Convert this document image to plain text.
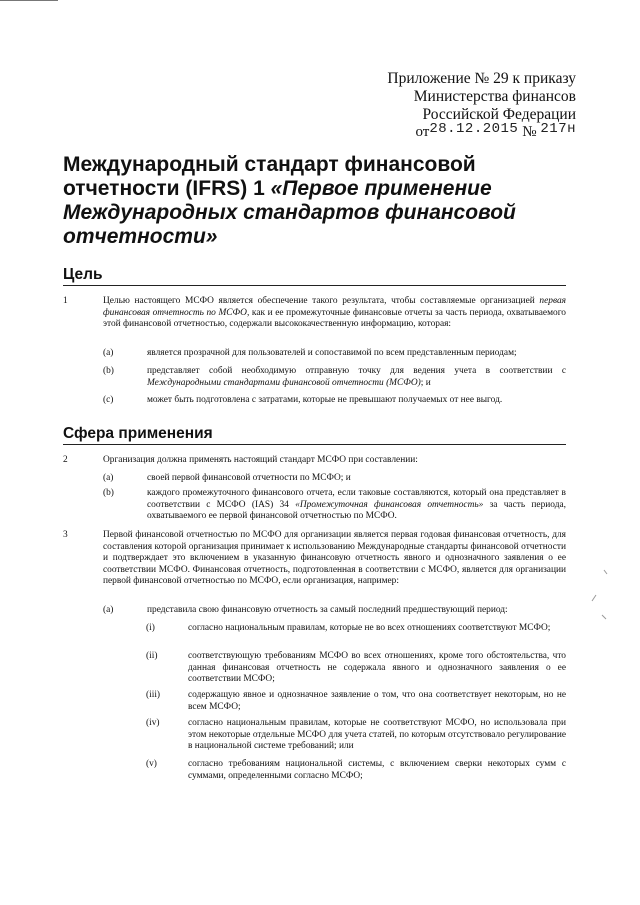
Приложение № 29 к приказу
Министерства финансов
Российской Федерации
от28.12.2015 № 217н
Международный стандарт финансовой отчетности (IFRS) 1 «Первое применение Международных стандартов финансовой отчетности»
Цель
1	Целью настоящего МСФО является обеспечение такого результата, чтобы составляемые организацией первая финансовая отчетность по МСФО, как и ее промежуточные финансовые отчеты за часть периода, охватываемого этой финансовой отчетностью, содержали высококачественную информацию, которая:
(a)	является прозрачной для пользователей и сопоставимой по всем представленным периодам;
(b)	представляет собой необходимую отправную точку для ведения учета в соответствии с Международными стандартами финансовой отчетности (МСФО); и
(c)	может быть подготовлена с затратами, которые не превышают получаемых от нее выгод.
Сфера применения
2	Организация должна применять настоящий стандарт МСФО при составлении:
(a)	своей первой финансовой отчетности по МСФО; и
(b)	каждого промежуточного финансового отчета, если таковые составляются, который она представляет в соответствии с МСФО (IAS) 34 «Промежуточная финансовая отчетность» за часть периода, охватываемого ее первой финансовой отчетностью по МСФО.
3	Первой финансовой отчетностью по МСФО для организации является первая годовая финансовая отчетность, для составления которой организация принимает к использованию Международные стандарты финансовой отчетности и подтверждает это включением в указанную финансовую отчетность явного и однозначного заявления о ее соответствии МСФО. Финансовая отчетность, подготовленная в соответствии с МСФО, является для организации первой финансовой отчетностью по МСФО, если организация, например:
(a)	представила свою финансовую отчетность за самый последний предшествующий период:
(i)	согласно национальным правилам, которые не во всех отношениях соответствуют МСФО;
(ii)	соответствующую требованиям МСФО во всех отношениях, кроме того обстоятельства, что данная финансовая отчетность не содержала явного и однозначного заявления о ее соответствии МСФО;
(iii)	содержащую явное и однозначное заявление о том, что она соответствует некоторым, но не всем МСФО;
(iv)	согласно национальным правилам, которые не соответствуют МСФО, но использовала при этом некоторые отдельные МСФО для учета статей, по которым отсутствовало регулирование в национальной системе требований; или
(v)	согласно требованиям национальной системы, с включением сверки некоторых сумм с суммами, определенными согласно МСФО;
